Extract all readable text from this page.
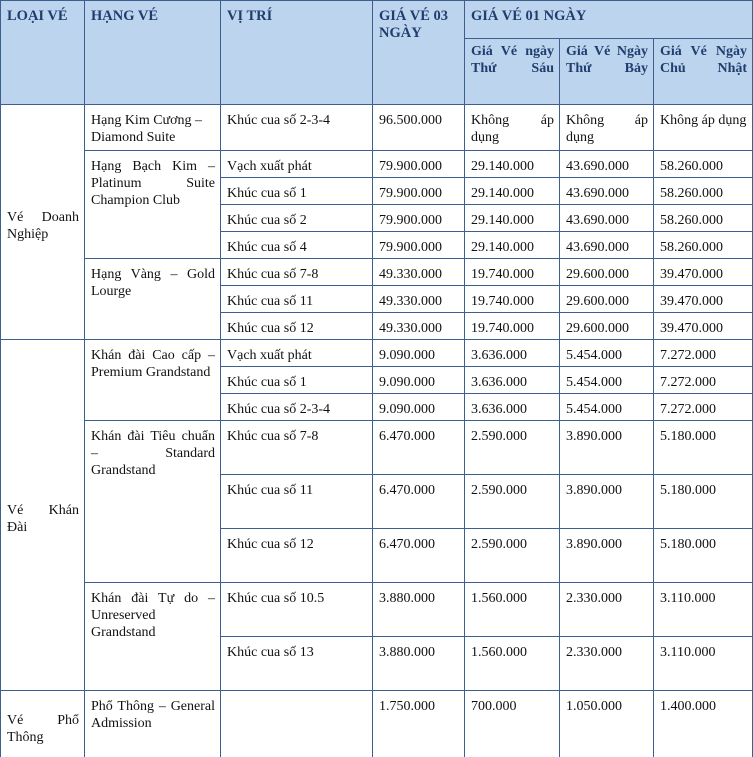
LOẠI VÉ	HẠNG VÉ	VỊ TRÍ	GIÁ VÉ 03 NGÀY	GIÁ VÉ 01 NGÀY		

				Giá Vé ngày Thứ Sáu	Giá Vé Ngày Thứ Bảy	Giá Vé Ngày Chủ Nhật

Vé Doanh Nghiệp	Hạng Kim Cương – Diamond Suite	Khúc cua số 2-3-4	96.500.000	Không áp dụng	Không áp dụng	Không áp dụng
	Hạng Bạch Kim – Platinum Suite Champion Club	Vạch xuất phát	79.900.000	29.140.000	43.690.000	58.260.000
		Khúc cua số 1	79.900.000	29.140.000	43.690.000	58.260.000
		Khúc cua số 2	79.900.000	29.140.000	43.690.000	58.260.000
		Khúc cua số 4	79.900.000	29.140.000	43.690.000	58.260.000
	Hạng Vàng – Gold Lourge	Khúc cua số 7-8	49.330.000	19.740.000	29.600.000	39.470.000
		Khúc cua số 11	49.330.000	19.740.000	29.600.000	39.470.000
		Khúc cua số 12	49.330.000	19.740.000	29.600.000	39.470.000

Vé Khán Đài	Khán đài Cao cấp – Premium Grandstand	Vạch xuất phát	9.090.000	3.636.000	5.454.000	7.272.000
		Khúc cua số 1	9.090.000	3.636.000	5.454.000	7.272.000
		Khúc cua số 2-3-4	9.090.000	3.636.000	5.454.000	7.272.000
	Khán đài Tiêu chuẩn – Standard Grandstand	Khúc cua số 7-8	6.470.000	2.590.000	3.890.000	5.180.000
		Khúc cua số 11	6.470.000	2.590.000	3.890.000	5.180.000
		Khúc cua số 12	6.470.000	2.590.000	3.890.000	5.180.000
	Khán đài Tự do – Unreserved Grandstand	Khúc cua số 10.5	3.880.000	1.560.000	2.330.000	3.110.000
		Khúc cua số 13	3.880.000	1.560.000	2.330.000	3.110.000

Vé Phổ Thông	Phổ Thông – General Admission		1.750.000	700.000	1.050.000	1.400.000
